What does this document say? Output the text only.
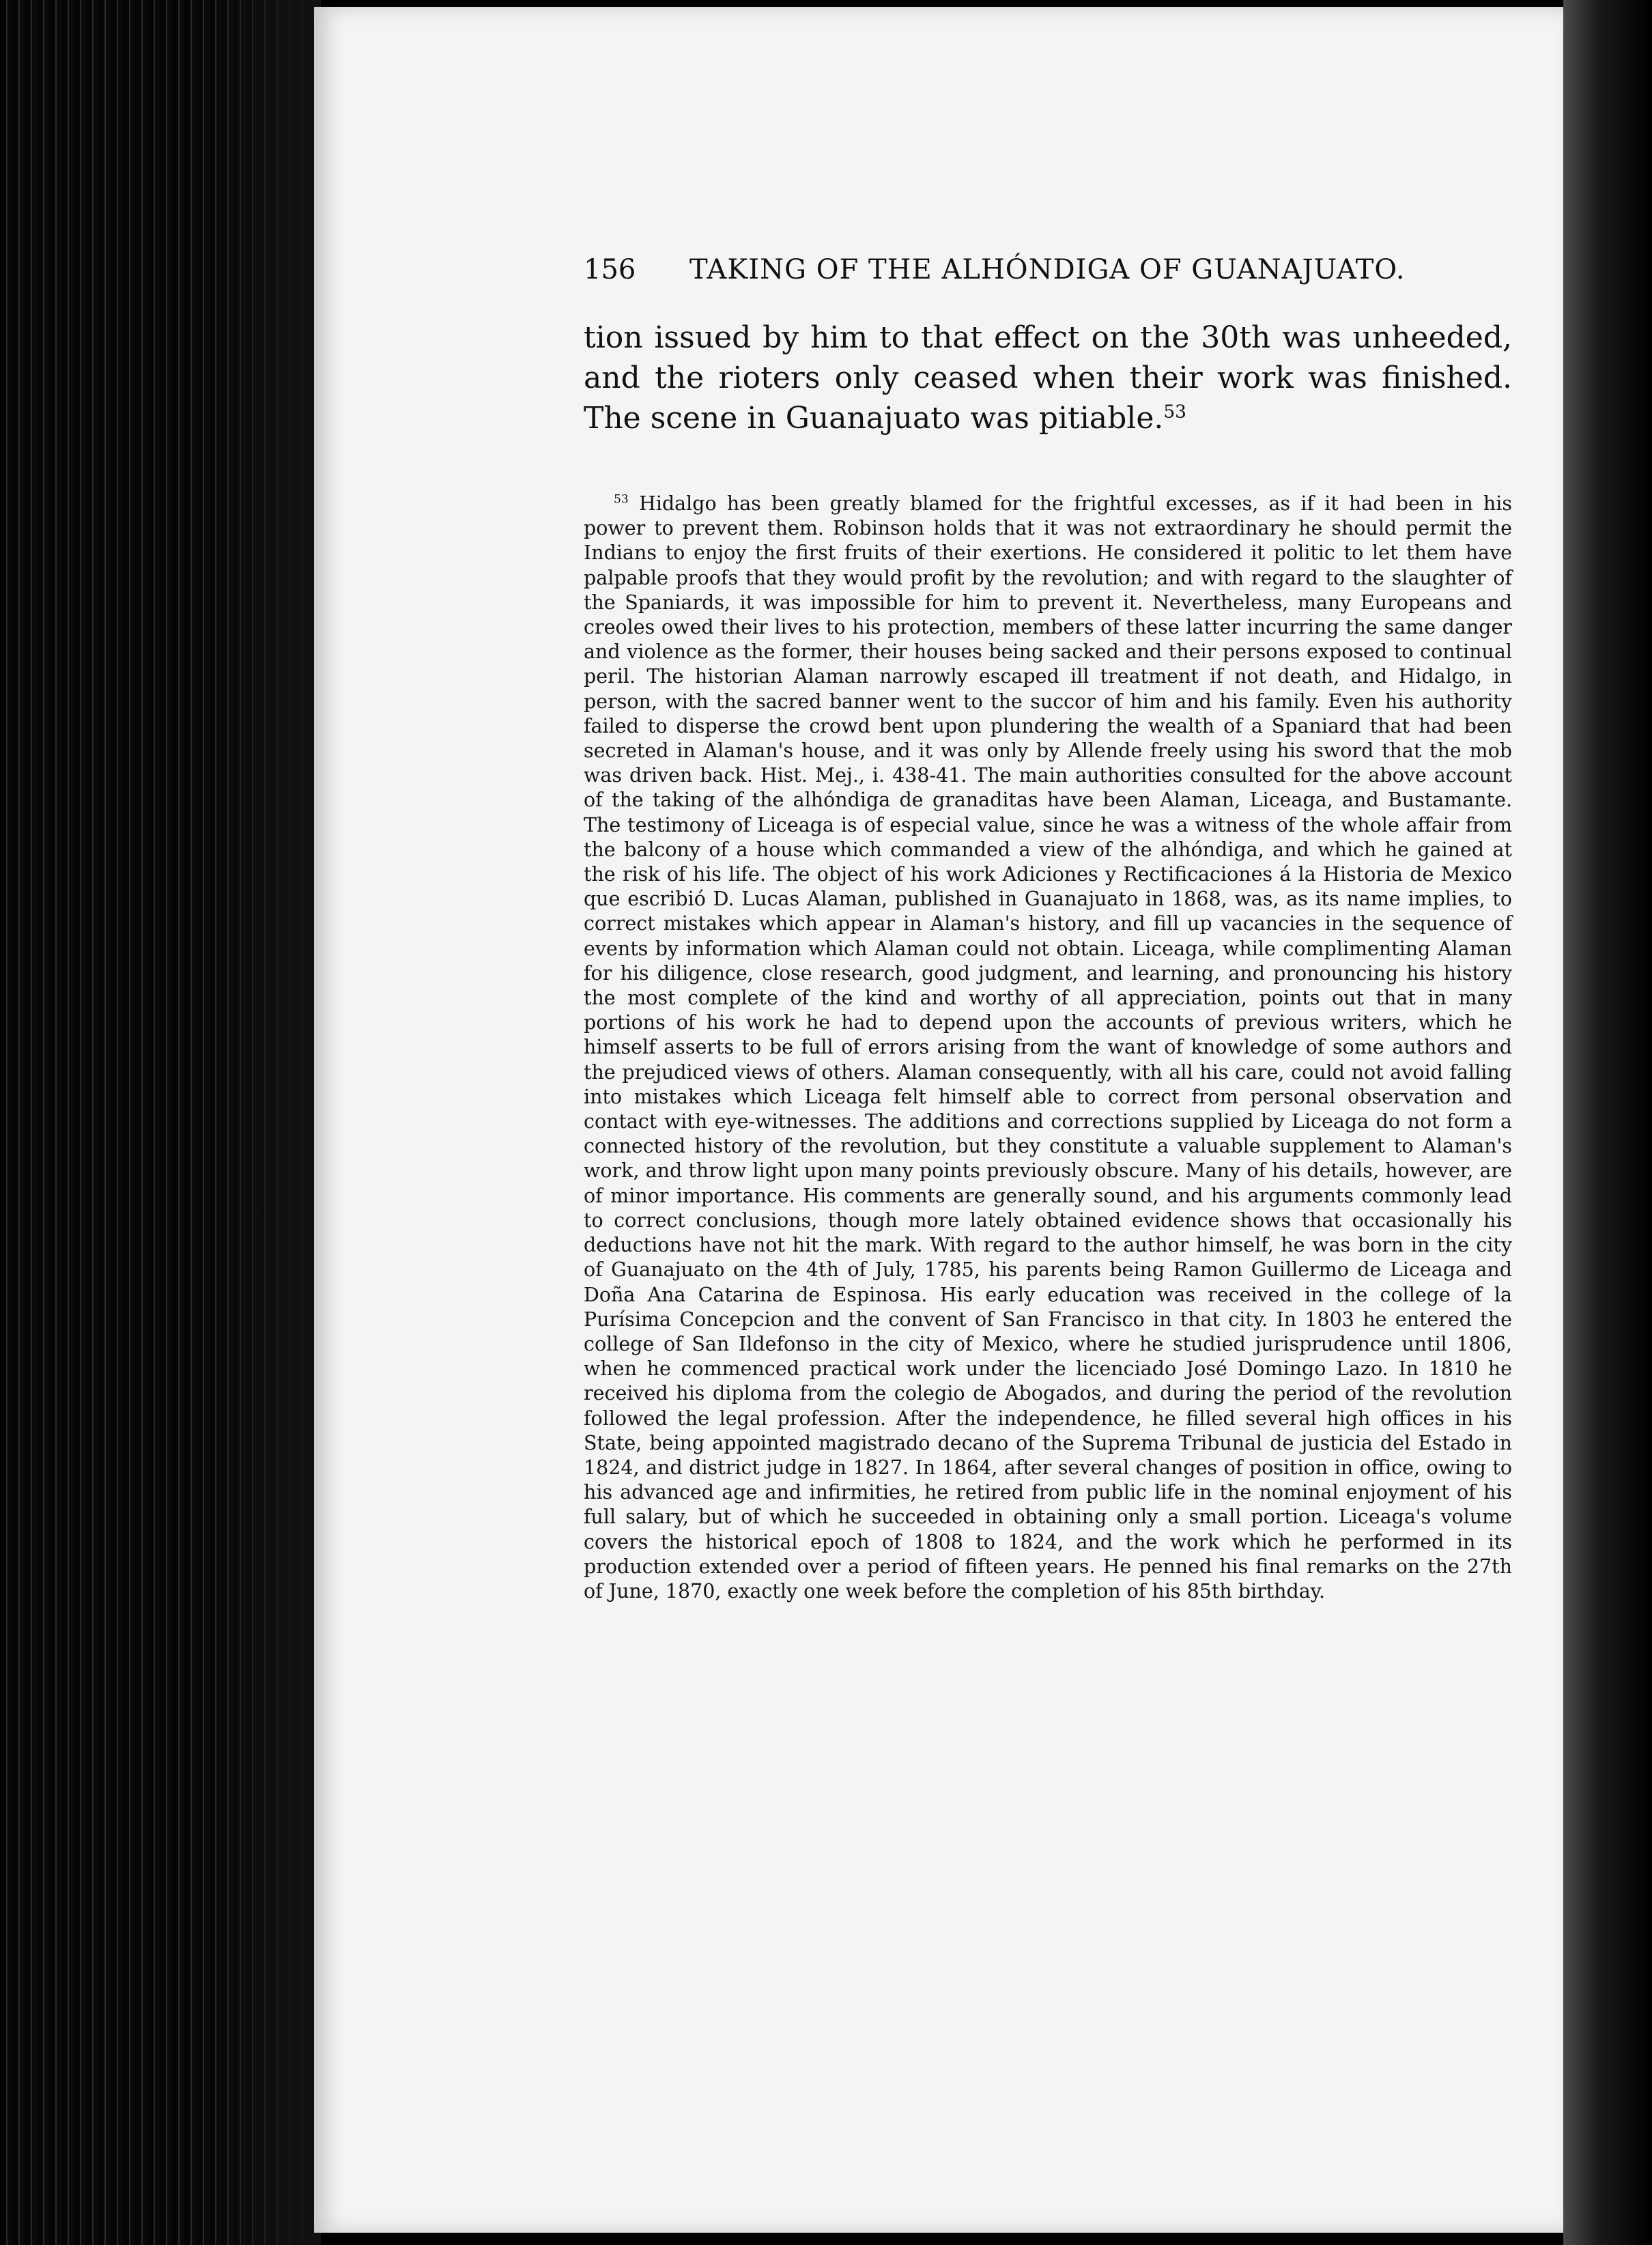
156 TAKING OF THE ALHÓNDIGA OF GUANAJUATO.

tion issued by him to that effect on the 30th was unheeded, and the rioters only ceased when their work was finished. The scene in Guanajuato was pitiable.$^{53}$

$^{53}$ Hidalgo has been greatly blamed for the frightful excesses, as if it had been in his power to prevent them. Robinson holds that it was not extraordinary he should permit the Indians to enjoy the first fruits of their exertions. He considered it politic to let them have palpable proofs that they would profit by the revolution; and with regard to the slaughter of the Spaniards, it was impossible for him to prevent it. Nevertheless, many Europeans and creoles owed their lives to his protection, members of these latter incurring the same danger and violence as the former, their houses being sacked and their persons exposed to continual peril. The historian Alaman narrowly escaped ill treatment if not death, and Hidalgo, in person, with the sacred banner went to the succor of him and his family. Even his authority failed to disperse the crowd bent upon plundering the wealth of a Spaniard that had been secreted in Alaman's house, and it was only by Allende freely using his sword that the mob was driven back. Hist. Mej., i. 438-41. The main authorities consulted for the above account of the taking of the alhóndiga de granaditas have been Alaman, Liceaga, and Bustamante. The testimony of Liceaga is of especial value, since he was a witness of the whole affair from the balcony of a house which commanded a view of the alhóndiga, and which he gained at the risk of his life. The object of his work Adiciones y Rectificaciones á la Historia de Mexico que escribió D. Lucas Alaman, published in Guanajuato in 1868, was, as its name implies, to correct mistakes which appear in Alaman's history, and fill up vacancies in the sequence of events by information which Alaman could not obtain. Liceaga, while complimenting Alaman for his diligence, close research, good judgment, and learning, and pronouncing his history the most complete of the kind and worthy of all appreciation, points out that in many portions of his work he had to depend upon the accounts of previous writers, which he himself asserts to be full of errors arising from the want of knowledge of some authors and the prejudiced views of others. Alaman consequently, with all his care, could not avoid falling into mistakes which Liceaga felt himself able to correct from personal observation and contact with eye-witnesses. The additions and corrections supplied by Liceaga do not form a connected history of the revolution, but they constitute a valuable supplement to Alaman's work, and throw light upon many points previously obscure. Many of his details, however, are of minor importance. His comments are generally sound, and his arguments commonly lead to correct conclusions, though more lately obtained evidence shows that occasionally his deductions have not hit the mark. With regard to the author himself, he was born in the city of Guanajuato on the 4th of July, 1785, his parents being Ramon Guillermo de Liceaga and Doña Ana Catarina de Espinosa. His early education was received in the college of la Purísima Concepcion and the convent of San Francisco in that city. In 1803 he entered the college of San Ildefonso in the city of Mexico, where he studied jurisprudence until 1806, when he commenced practical work under the licenciado José Domingo Lazo. In 1810 he received his diploma from the colegio de Abogados, and during the period of the revolution followed the legal profession. After the independence, he filled several high offices in his State, being appointed magistrado decano of the Suprema Tribunal de justicia del Estado in 1824, and district judge in 1827. In 1864, after several changes of position in office, owing to his advanced age and infirmities, he retired from public life in the nominal enjoyment of his full salary, but of which he succeeded in obtaining only a small portion. Liceaga's volume covers the historical epoch of 1808 to 1824, and the work which he performed in its production extended over a period of fifteen years. He penned his final remarks on the 27th of June, 1870, exactly one week before the completion of his 85th birthday.
